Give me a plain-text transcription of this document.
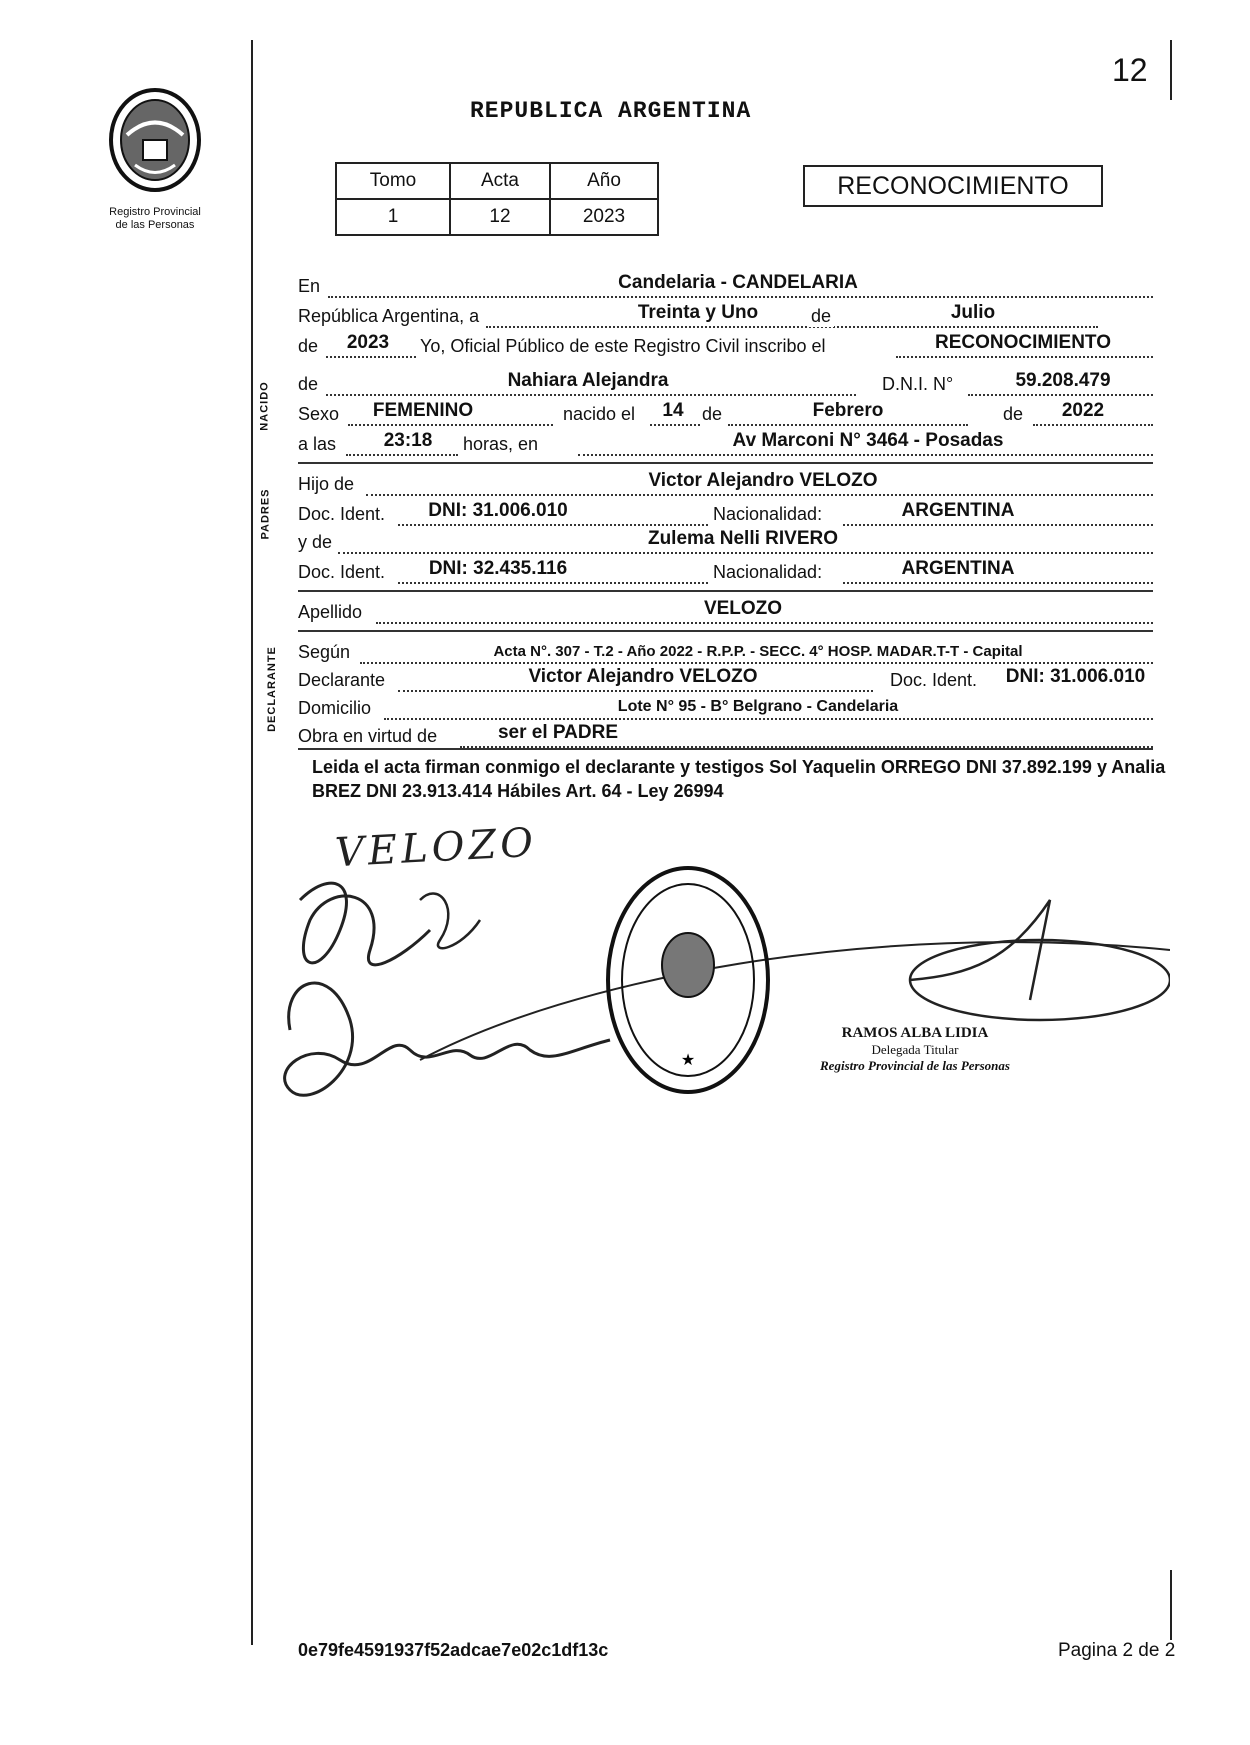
12
Registro Provincial
de las Personas
REPUBLICA ARGENTINA
Tomo	Acta	Año
1	12	2023
RECONOCIMIENTO
NACIDO
PADRES
DECLARANTE
En	Candelaria - CANDELARIA
República Argentina, a	Treinta y Uno	de	Julio
de	2023	Yo, Oficial Público de este Registro Civil inscribo el	RECONOCIMIENTO
de	Nahiara Alejandra	D.N.I. N°	59.208.479
Sexo FEMENINO	nacido el 14 de	Febrero	de	2022
a las	23:18	horas, en	Av Marconi N° 3464 - Posadas
Hijo de	Victor Alejandro VELOZO
Doc. Ident.	DNI: 31.006.010	Nacionalidad:	ARGENTINA
y de	Zulema Nelli RIVERO
Doc. Ident.	DNI: 32.435.116	Nacionalidad:	ARGENTINA
Apellido	VELOZO
Según	Acta N°. 307 - T.2 - Año 2022 - R.P.P. - SECC. 4° HOSP. MADAR.T-T - Capital
Declarante	Victor Alejandro VELOZO	Doc. Ident.	DNI: 31.006.010
Domicilio	Lote N° 95 - B° Belgrano - Candelaria
Obra en virtud de	ser el PADRE
Leida el acta firman conmigo el declarante y testigos Sol Yaquelin ORREGO DNI 37.892.199 y Analia BREZ DNI 23.913.414 Hábiles Art. 64 - Ley 26994
VELOZO
★
RAMOS ALBA LIDIA
Delegada Titular
Registro Provincial de las Personas
0e79fe4591937f52adcae7e02c1df13c	Pagina 2 de 2
